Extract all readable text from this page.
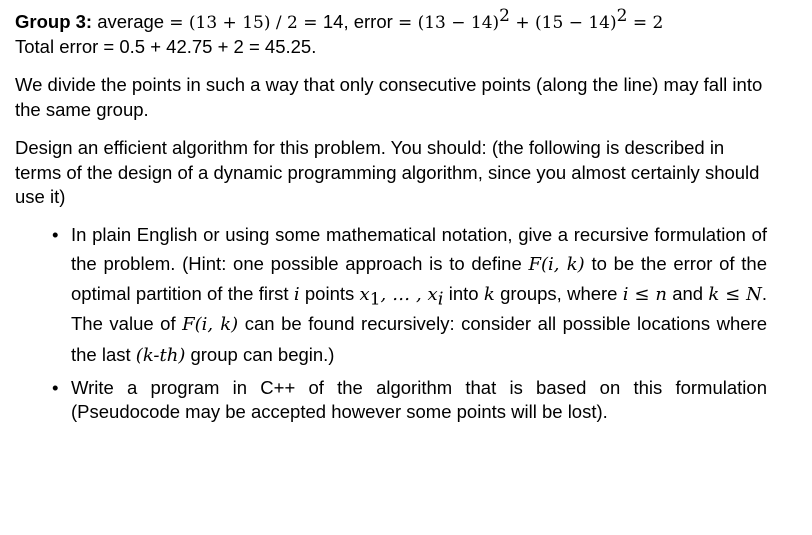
Group 3: average = (13 + 15) / 2 = 14, error = $(13 - 14)^2 + (15 - 14)^2 = 2$
Total error = 0.5 + 42.75 + 2 = 45.25.
We divide the points in such a way that only consecutive points (along the line) may fall into the same group.
Design an efficient algorithm for this problem. You should: (the following is described in terms of the design of a dynamic programming algorithm, since you almost certainly should use it)
• In plain English or using some mathematical notation, give a recursive formulation of the problem. (Hint: one possible approach is to define F(i, k) to be the error of the optimal partition of the first i points $x_1$, … , $x_i$ into k groups, where i ≤ n and k ≤ N. The value of F(i, k) can be found recursively: consider all possible locations where the last (k-th) group can begin.)
• Write a program in C++ of the algorithm that is based on this formulation (Pseudocode may be accepted however some points will be lost).
